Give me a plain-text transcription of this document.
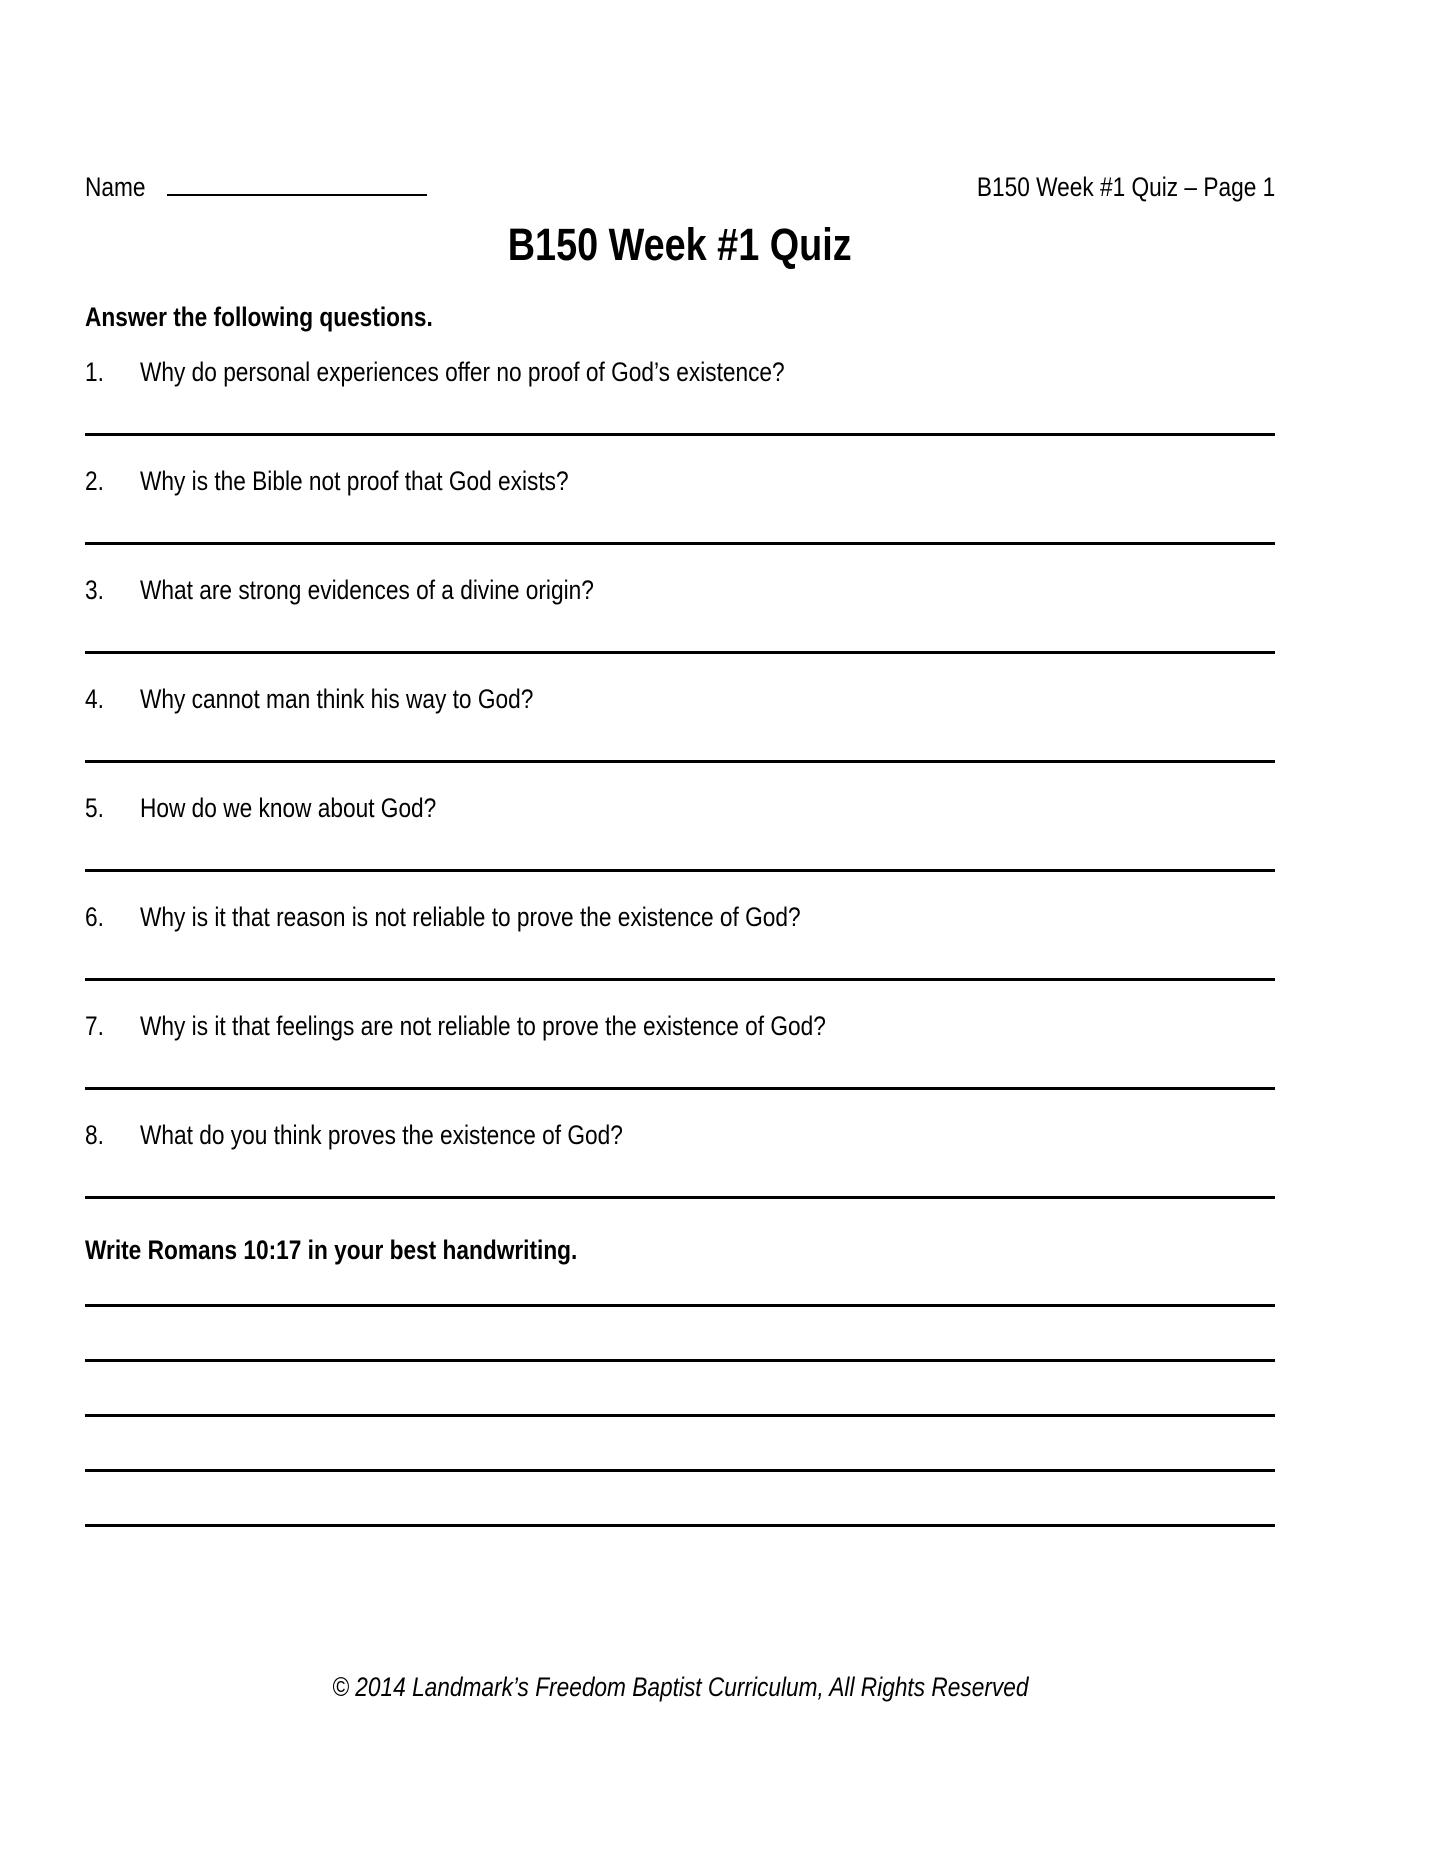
Name	B150 Week #1 Quiz – Page 1
B150 Week #1 Quiz
Answer the following questions.
1.	Why do personal experiences offer no proof of God’s existence?
2.	Why is the Bible not proof that God exists?
3.	What are strong evidences of a divine origin?
4.	Why cannot man think his way to God?
5.	How do we know about God?
6.	Why is it that reason is not reliable to prove the existence of God?
7.	Why is it that feelings are not reliable to prove the existence of God?
8.	What do you think proves the existence of God?
Write Romans 10:17 in your best handwriting.
© 2014 Landmark’s Freedom Baptist Curriculum, All Rights Reserved
